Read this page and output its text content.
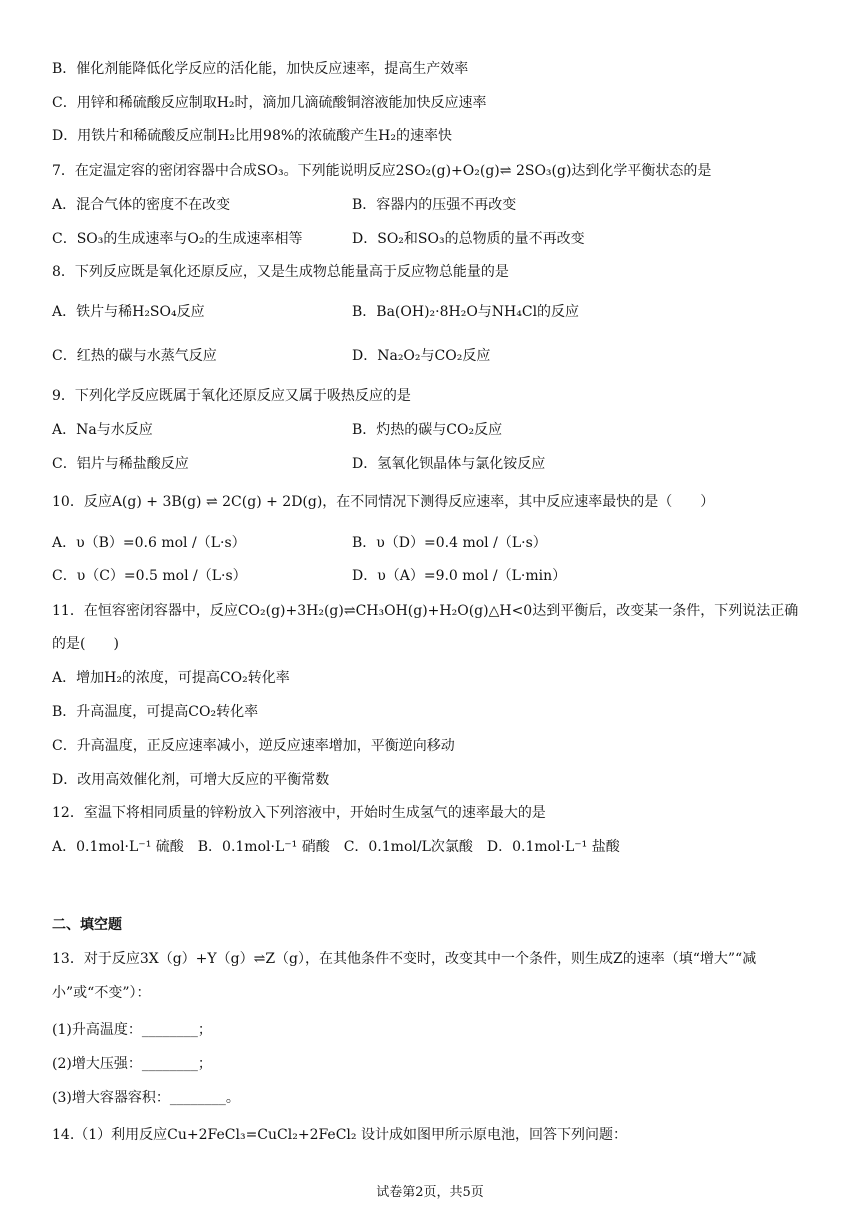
B．催化剂能降低化学反应的活化能，加快反应速率，提高生产效率
C．用锌和稀硫酸反应制取H₂时，滴加几滴硫酸铜溶液能加快反应速率
D．用铁片和稀硫酸反应制H₂比用98%的浓硫酸产生H₂的速率快
7．在定温定容的密闭容器中合成SO₃。下列能说明反应2SO₂(g)+O₂(g)⇌ 2SO₃(g)达到化学平衡状态的是
A．混合气体的密度不在改变	B．容器内的压强不再改变
C．SO₃的生成速率与O₂的生成速率相等	D．SO₂和SO₃的总物质的量不再改变
8．下列反应既是氧化还原反应，又是生成物总能量高于反应物总能量的是
A．铁片与稀H₂SO₄反应	B．Ba(OH)₂·8H₂O与NH₄Cl的反应
C．红热的碳与水蒸气反应	D．Na₂O₂与CO₂反应
9．下列化学反应既属于氧化还原反应又属于吸热反应的是
A．Na与水反应	B．灼热的碳与CO₂反应
C．铝片与稀盐酸反应	D．氢氧化钡晶体与氯化铵反应
10．反应A(g) + 3B(g) ⇌ 2C(g) + 2D(g)，在不同情况下测得反应速率，其中反应速率最快的是（　　）
A．υ（B）=0.6 mol /（L·s）	B．υ（D）=0.4 mol /（L·s）
C．υ（C）=0.5 mol /（L·s）	D．υ（A）=9.0 mol /（L·min）
11．在恒容密闭容器中，反应CO₂(g)+3H₂(g)⇌CH₃OH(g)+H₂O(g)△H<0达到平衡后，改变某一条件，下列说法正确
的是(　　)
A．增加H₂的浓度，可提高CO₂转化率
B．升高温度，可提高CO₂转化率
C．升高温度，正反应速率减小，逆反应速率增加，平衡逆向移动
D．改用高效催化剂，可增大反应的平衡常数
12．室温下将相同质量的锌粉放入下列溶液中，开始时生成氢气的速率最大的是
A．0.1mol·L⁻¹ 硫酸　B．0.1mol·L⁻¹ 硝酸　C．0.1mol/L次氯酸　D．0.1mol·L⁻¹ 盐酸
二、填空题
13．对于反应3X（g）+Y（g）⇌Z（g），在其他条件不变时，改变其中一个条件，则生成Z的速率（填“增大”“减
小”或“不变”）：
(1)升高温度：________；
(2)增大压强：________；
(3)增大容器容积：________。
14.（1）利用反应Cu+2FeCl₃=CuCl₂+2FeCl₂ 设计成如图甲所示原电池，回答下列问题：
试卷第2页，共5页
